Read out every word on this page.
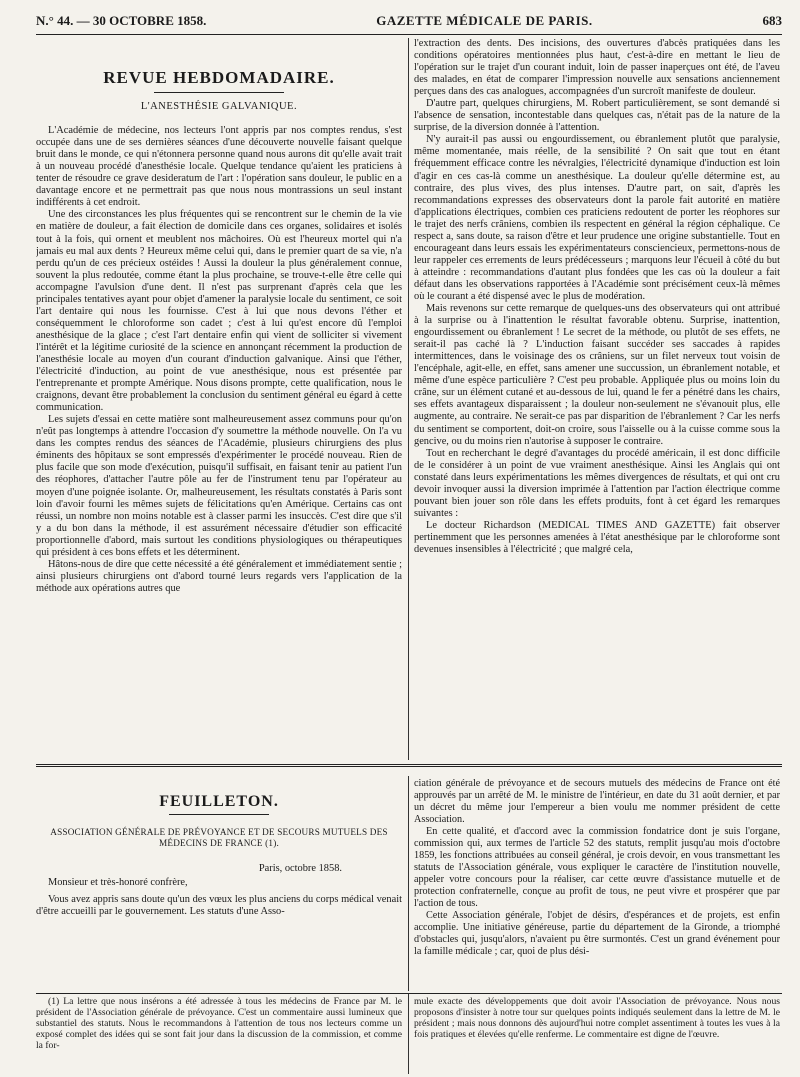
N.° 44. — 30 OCTOBRE 1858.	GAZETTE MÉDICALE DE PARIS.	683
REVUE HEBDOMADAIRE.
L'ANESTHÉSIE GALVANIQUE.

L'Académie de médecine, nos lecteurs l'ont appris par nos comptes rendus, s'est occupée dans une de ses dernières séances d'une découverte nouvelle faisant quelque bruit dans le monde, ce qui n'étonnera personne quand nous aurons dit qu'elle avait trait à un nouveau procédé d'anesthésie locale. Quelque tendance qu'aient les praticiens à tenter de résoudre ce grave desideratum de l'art : l'opération sans douleur, le public en a davantage encore et ne permettrait pas que nous nous montrassions un seul instant indifférents à cet endroit.

Une des circonstances les plus fréquentes qui se rencontrent sur le chemin de la vie en matière de douleur, a fait élection de domicile dans ces organes, solidaires et isolés tout à la fois, qui ornent et meublent nos mâchoires. Où est l'heureux mortel qui n'a jamais eu mal aux dents ? Heureux même celui qui, dans le premier quart de sa vie, n'a perdu qu'un de ces précieux ostéides ! Aussi la douleur la plus généralement connue, souvent la plus redoutée, comme étant la plus prochaine, se trouve-t-elle être celle qui accompagne l'avulsion d'une dent. Il n'est pas surprenant d'après cela que les principales tentatives ayant pour objet d'amener la paralysie locale du sentiment, ce soit l'art dentaire qui nous les fournisse. C'est à lui que nous devons l'éther et conséquemment le chloroforme son cadet ; c'est à lui qu'est encore dû l'emploi anesthésique de la glace ; c'est l'art dentaire enfin qui vient de solliciter si vivement l'intérêt et la légitime curiosité de la science en annonçant récemment la production de l'anesthésie locale au moyen d'un courant d'induction galvanique. Ainsi que l'éther, l'électricité d'induction, au point de vue anesthésique, nous est présentée par l'entreprenante et prompte Amérique. Nous disons prompte, cette qualification, nous le craignons, devant être probablement la conclusion du sentiment général eu égard à cette communication.

Les sujets d'essai en cette matière sont malheureusement assez communs pour qu'on n'eût pas longtemps à attendre l'occasion d'y soumettre la méthode nouvelle. On l'a vu dans les comptes rendus des séances de l'Académie, plusieurs chirurgiens des plus éminents des hôpitaux se sont empressés d'expérimenter le procédé nouveau. Rien de plus facile que son mode d'exécution, puisqu'il suffisait, en faisant tenir au patient l'un des réophores, d'attacher l'autre pôle au fer de l'instrument tenu par l'opérateur au moyen d'une poignée isolante. Or, malheureusement, les résultats constatés à Paris sont loin d'avoir fourni les mêmes sujets de félicitations qu'en Amérique. Certains cas ont réussi, un nombre non moins notable est à classer parmi les insuccès. C'est dire que s'il y a du bon dans la méthode, il est assurément nécessaire d'étudier son efficacité proportionnelle d'abord, mais surtout les conditions physiologiques ou thérapeutiques qui président à ces bons effets et les déterminent.

Hâtons-nous de dire que cette nécessité a été généralement et immédiatement sentie ; ainsi plusieurs chirurgiens ont d'abord tourné leurs regards vers l'application de la méthode aux opérations autres que

l'extraction des dents. Des incisions, des ouvertures d'abcès pratiquées dans les conditions opératoires mentionnées plus haut, c'est-à-dire en mettant le lieu de l'opération sur le trajet d'un courant induit, loin de passer inaperçues ont été, de l'aveu des malades, en état de comparer l'impression nouvelle aux sensations anciennement perçues dans des cas analogues, accompagnées d'un surcroît manifeste de douleur.

D'autre part, quelques chirurgiens, M. Robert particulièrement, se sont demandé si l'absence de sensation, incontestable dans quelques cas, n'était pas de la nature de la surprise, de la diversion donnée à l'attention.

N'y aurait-il pas aussi ou engourdissement, ou ébranlement plutôt que paralysie, même momentanée, mais réelle, de la sensibilité ? On sait que tout en étant fréquemment efficace contre les névralgies, l'électricité dynamique d'induction est loin d'agir en ces cas-là comme un anesthésique. La douleur qu'elle détermine est, au contraire, des plus vives, des plus intenses. D'autre part, on sait, d'après les recommandations expresses des observateurs dont la parole fait autorité en matière d'applications électriques, combien ces praticiens redoutent de porter les réophores sur le trajet des nerfs crâniens, combien ils respectent en général la région céphalique. Ce respect a, sans doute, sa raison d'être et leur prudence une origine substantielle. Tout en encourageant dans leurs essais les expérimentateurs consciencieux, permettons-nous de leur rappeler ces errements de leurs prédécesseurs ; marquons leur l'écueil à côté du but à atteindre : recommandations d'autant plus fondées que les cas où la douleur a fait défaut dans les observations rapportées à l'Académie sont précisément ceux-là mêmes où le courant a été dispensé avec le plus de modération.

Mais revenons sur cette remarque de quelques-uns des observateurs qui ont attribué à la surprise ou à l'inattention le résultat favorable obtenu. Surprise, inattention, engourdissement ou ébranlement ! Le secret de la méthode, ou plutôt de ses effets, ne serait-il pas caché là ? L'induction faisant succéder ses saccades à rapides intermittences, dans le voisinage des os crâniens, sur un filet nerveux tout voisin de l'encéphale, agit-elle, en effet, sans amener une succussion, un ébranlement notable, et même d'une espèce particulière ? C'est peu probable. Appliquée plus ou moins loin du crâne, sur un élément cutané et au-dessous de lui, quand le fer a pénétré dans les chairs, ses effets avantageux disparaissent ; la douleur non-seulement ne s'évanouit plus, elle augmente, au contraire. Ne serait-ce pas par disparition de l'ébranlement ? Car les nerfs du sentiment se comportent, doit-on croire, sous l'aisselle ou à la cuisse comme sous la gencive, ou du moins rien n'autorise à supposer le contraire.

Tout en recherchant le degré d'avantages du procédé américain, il est donc difficile de le considérer à un point de vue vraiment anesthésique. Ainsi les Anglais qui ont constaté dans leurs expérimentations les mêmes divergences de résultats, et qui ont cru devoir invoquer aussi la diversion imprimée à l'attention par l'action électrique comme pouvant bien jouer son rôle dans les effets produits, font à cet égard les remarques suivantes :

Le docteur Richardson (MEDICAL TIMES AND GAZETTE) fait observer pertinemment que les personnes amenées à l'état anesthésique par le chloroforme sont devenues insensibles à l'électricité ; que malgré cela,

FEUILLETON.
ASSOCIATION GÉNÉRALE DE PRÉVOYANCE ET DE SECOURS MUTUELS DES MÉDECINS DE FRANCE (1).

Paris, octobre 1858.

Monsieur et très-honoré confrère,

Vous avez appris sans doute qu'un des vœux les plus anciens du corps médical venait d'être accueilli par le gouvernement. Les statuts d'une Asso-

ciation générale de prévoyance et de secours mutuels des médecins de France ont été approuvés par un arrêté de M. le ministre de l'intérieur, en date du 31 août dernier, et par un décret du même jour l'empereur a bien voulu me nommer président de cette Association.

En cette qualité, et d'accord avec la commission fondatrice dont je suis l'organe, commission qui, aux termes de l'article 52 des statuts, remplit jusqu'au mois d'octobre 1859, les fonctions attribuées au conseil général, je crois devoir, en vous transmettant les statuts de l'Association générale, vous expliquer le caractère de l'institution nouvelle, appeler votre concours pour la réaliser, car cette œuvre d'assistance mutuelle et de protection confraternelle, conçue au profit de tous, ne peut vivre et prospérer que par l'action de tous.

Cette Association générale, l'objet de désirs, d'espérances et de projets, est enfin accomplie. Une initiative généreuse, partie du département de la Gironde, a triomphé d'obstacles qui, jusqu'alors, n'avaient pu être surmontés. C'est un grand événement pour la famille médicale ; car, quoi de plus dési-

(1) La lettre que nous insérons a été adressée à tous les médecins de France par M. le président de l'Association générale de prévoyance. C'est un commentaire aussi lumineux que substantiel des statuts. Nous le recommandons à l'attention de tous nos lecteurs comme un exposé complet des idées qui se sont fait jour dans la discussion de la commission, et comme la for-

mule exacte des développements que doit avoir l'Association de prévoyance. Nous nous proposons d'insister à notre tour sur quelques points indiqués seulement dans la lettre de M. le président ; mais nous donnons dès aujourd'hui notre complet assentiment à toutes les vues à la fois pratiques et élevées qu'elle renferme. Le commentaire est digne de l'œuvre.
